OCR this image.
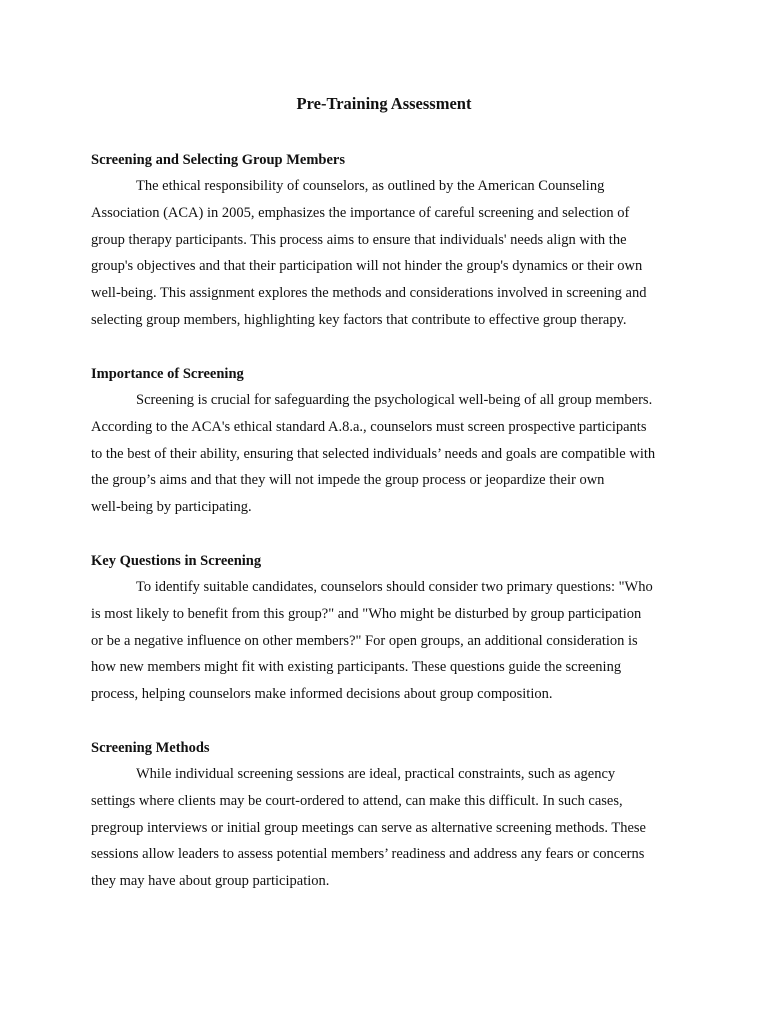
Pre-Training Assessment
Screening and Selecting Group Members
The ethical responsibility of counselors, as outlined by the American Counseling
Association (ACA) in 2005, emphasizes the importance of careful screening and selection of
group therapy participants. This process aims to ensure that individuals' needs align with the
group's objectives and that their participation will not hinder the group's dynamics or their own
well-being. This assignment explores the methods and considerations involved in screening and
selecting group members, highlighting key factors that contribute to effective group therapy.
Importance of Screening
Screening is crucial for safeguarding the psychological well-being of all group members.
According to the ACA's ethical standard A.8.a., counselors must screen prospective participants
to the best of their ability, ensuring that selected individuals’ needs and goals are compatible with
the group’s aims and that they will not impede the group process or jeopardize their own
well-being by participating.
Key Questions in Screening
To identify suitable candidates, counselors should consider two primary questions: "Who
is most likely to benefit from this group?" and "Who might be disturbed by group participation
or be a negative influence on other members?" For open groups, an additional consideration is
how new members might fit with existing participants. These questions guide the screening
process, helping counselors make informed decisions about group composition.
Screening Methods
While individual screening sessions are ideal, practical constraints, such as agency
settings where clients may be court-ordered to attend, can make this difficult. In such cases,
pregroup interviews or initial group meetings can serve as alternative screening methods. These
sessions allow leaders to assess potential members’ readiness and address any fears or concerns
they may have about group participation.
